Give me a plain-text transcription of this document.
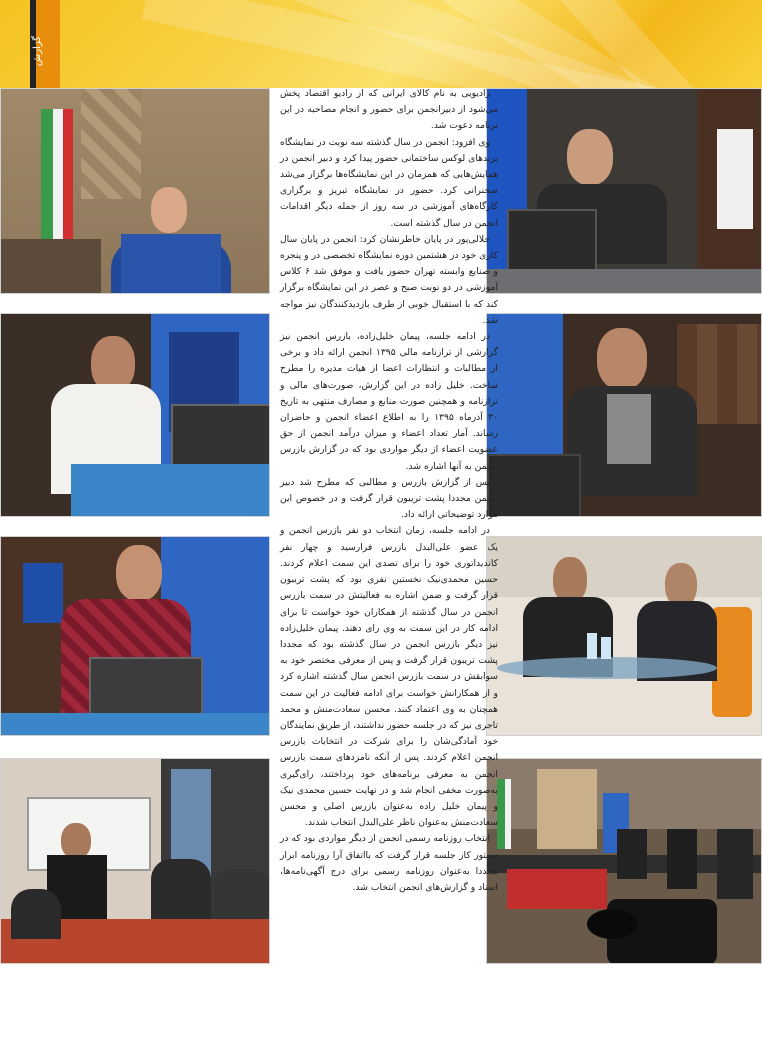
گزارش

رادیویی به نام کالای ایرانی که از رادیو اقتصاد پخش می‌شود از دبیرانجمن برای حضور و انجام مصاحبه در این برنامه دعوت شد.

وی افزود: انجمن در سال گذشته سه نوبت در نمایشگاه برندهای لوکس ساختمانی حضور پیدا کرد و دبیر انجمن در همایش‌هایی که همزمان در این نمایشگاه‌ها برگزار می‌شد سخنرانی کرد. حضور در نمایشگاه تبریز و برگزاری کارگاه‌های آموزشی در سه روز از جمله دیگر اقدامات انجمن در سال گذشته است.

جلالی‌پور در پایان خاطرنشان کرد: انجمن در پایان سال کاری خود در هشتمین دوره نمایشگاه تخصصی در و پنجره و صنایع وابسته تهران حضور یافت و موفق شد ۶ کلاس آموزشی در دو نوبت صبح و عصر در این نمایشگاه برگزار کند که با استقبال خوبی از طرف بازدیدکنندگان نیز مواجه شد.

در ادامه جلسه، پیمان خلیل‌زاده، بازرس انجمن نیز گزارشی از ترازنامه مالی ۱۳۹۵ انجمن ارائه داد و برخی از مطالبات و انتظارات اعضا از هیات مدیره را مطرح ساخت. خلیل زاده در این گزارش، صورت‌های مالی و ترازنامه و همچنین صورت منابع و مصارف منتهی به تاریخ ۳۰ آذرماه ۱۳۹۵ را به اطلاع اعضاء انجمن و حاضران رساند. آمار تعداد اعضاء و میزان درآمد انجمن از حق عضویت اعضاء از دیگر مواردی بود که در گزارش بازرس انجمن به آنها اشاره شد.

پس از گزارش بازرس و مطالبی که مطرح شد دبیر انجمن مجددا پشت تریبون قرار گرفت و در خصوص این موارد توضیحاتی ارائه داد.

در ادامه جلسه، زمان انتخاب دو نفر بازرس انجمن و یک عضو علی‌البدل بازرس فرارسید و چهار نفر کاندیداتوری خود را برای تصدی این سمت اعلام کردند. حسین محمدی‌نیک نخستین نفری بود که پشت تریبون قرار گرفت و ضمن اشاره به فعالیتش در سمت بازرس انجمن در سال گذشته از همکاران خود خواست تا برای ادامه کار در این سمت به وی رای دهند. پیمان خلیل‌زاده نیز دیگر بازرس انجمن در سال گذشته بود که مجددا پشت تریبون قرار گرفت و پس از معرفی مختصر خود به سوابقش در سمت بازرس انجمن سال گذشته اشاره کرد و از همکارانش خواست برای ادامه فعالیت در این سمت همچنان به وی اعتماد کنند. محسن سعادت‌منش و محمد تاجری نیز که در جلسه حضور نداشتند، از طریق نمایندگان خود آمادگی‌شان را برای شرکت در انتخابات بازرس انجمن اعلام کردند. پس از آنکه نامزدهای سمت بازرس انجمن به معرفی برنامه‌های خود پرداختند، رای‌گیری به‌صورت مخفی انجام شد و در نهایت حسین محمدی نیک و پیمان خلیل زاده به‌عنوان بازرس اصلی و محسن سعادت‌منش به‌عنوان ناظر علی‌البدل انتخاب شدند.

انتخاب روزنامه رسمی انجمن از دیگر مواردی بود که در دستور کار جلسه قرار گرفت که بااتفاق آرا روزنامه ابرار مجددا به‌عنوان روزنامه رسمی برای درج آگهی‌نامه‌ها، اسناد و گزارش‌های انجمن انتخاب شد.
